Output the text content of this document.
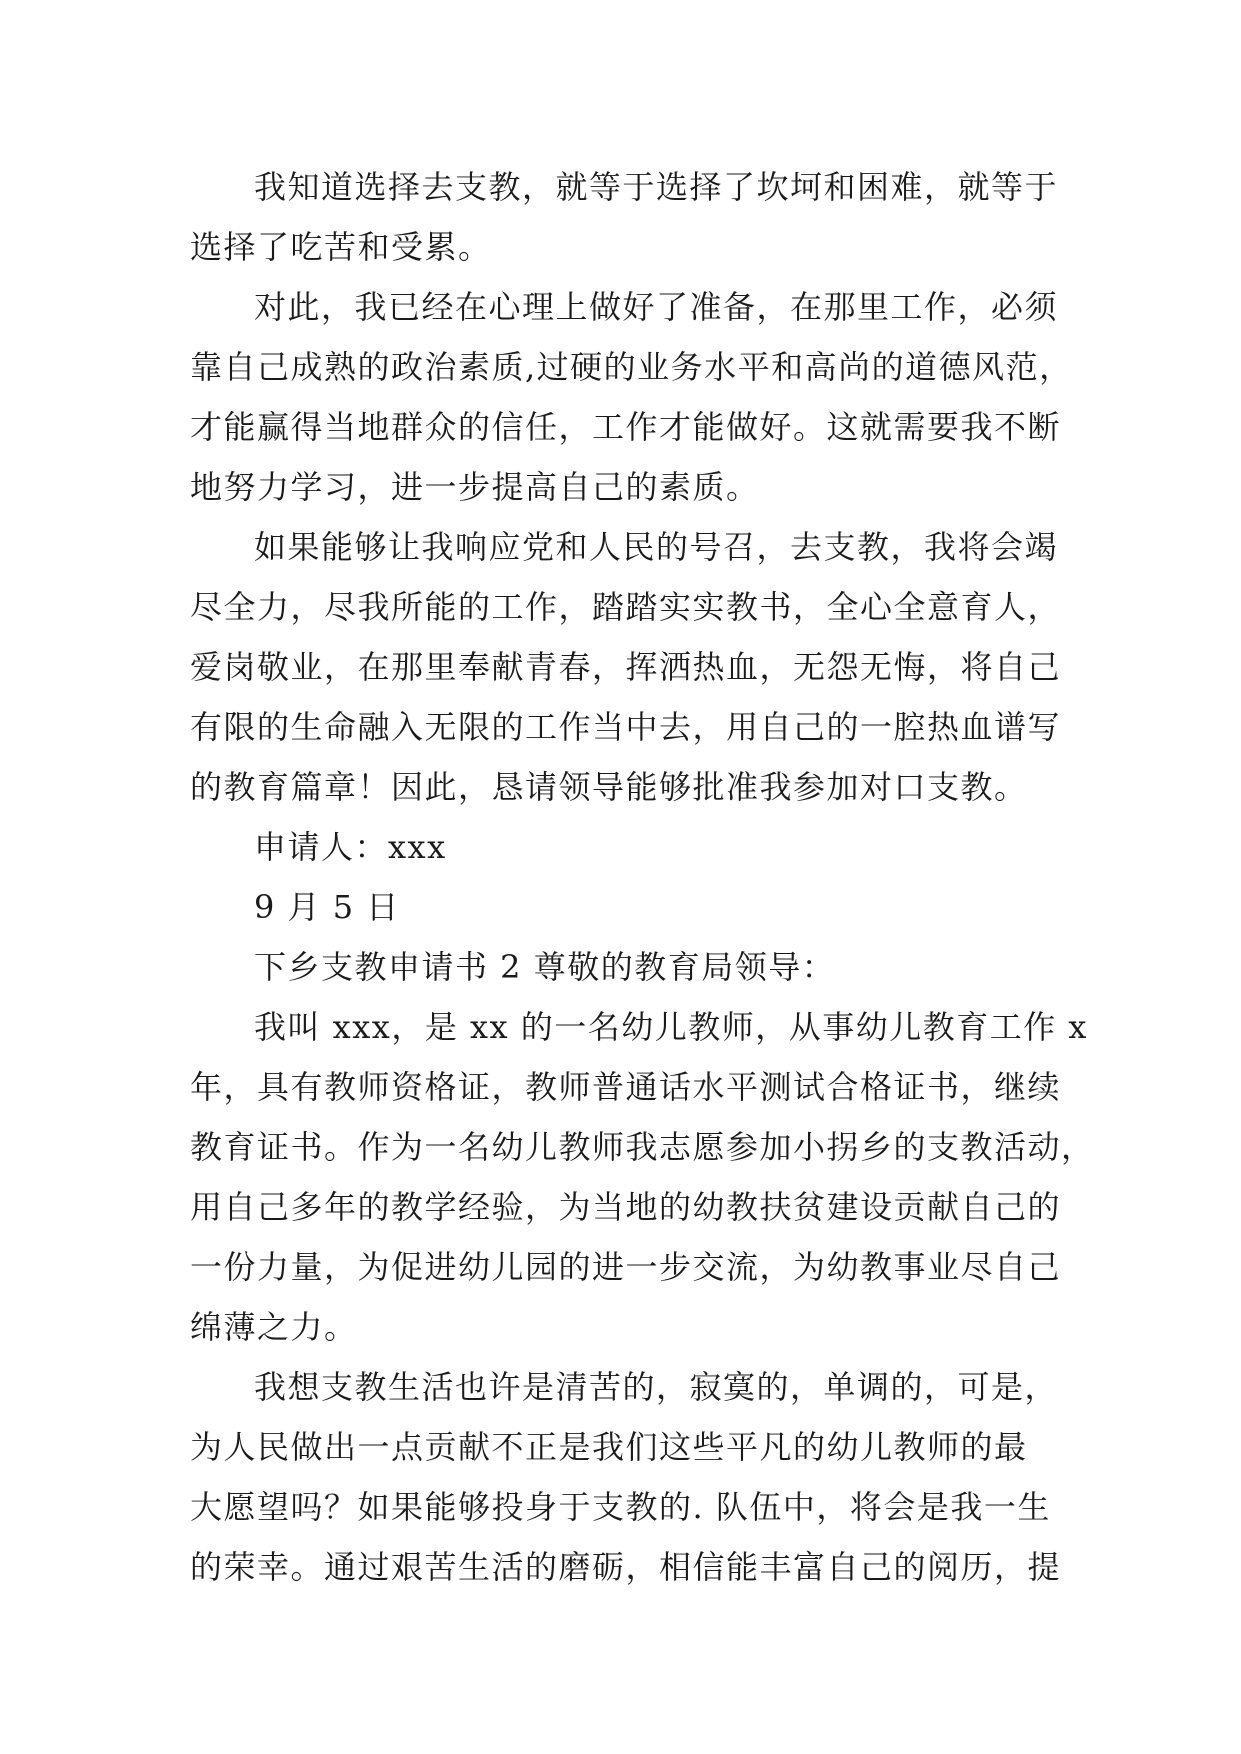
我知道选择去支教，就等于选择了坎坷和困难，就等于
选择了吃苦和受累。
对此，我已经在心理上做好了准备，在那里工作，必须
靠自己成熟的政治素质,过硬的业务水平和高尚的道德风范，
才能赢得当地群众的信任，工作才能做好。这就需要我不断
地努力学习，进一步提高自己的素质。
如果能够让我响应党和人民的号召，去支教，我将会竭
尽全力，尽我所能的工作，踏踏实实教书，全心全意育人，
爱岗敬业，在那里奉献青春，挥洒热血，无怨无悔，将自己
有限的生命融入无限的工作当中去，用自己的一腔热血谱写
的教育篇章！因此，恳请领导能够批准我参加对口支教。
申请人：xxx
9 月 5 日
下乡支教申请书 2 尊敬的教育局领导：
我叫 xxx，是 xx 的一名幼儿教师，从事幼儿教育工作 x
年，具有教师资格证，教师普通话水平测试合格证书，继续
教育证书。作为一名幼儿教师我志愿参加小拐乡的支教活动，
用自己多年的教学经验，为当地的幼教扶贫建设贡献自己的
一份力量，为促进幼儿园的进一步交流，为幼教事业尽自己
绵薄之力。
我想支教生活也许是清苦的，寂寞的，单调的，可是，
为人民做出一点贡献不正是我们这些平凡的幼儿教师的最
大愿望吗？如果能够投身于支教的. 队伍中，将会是我一生
的荣幸。通过艰苦生活的磨砺，相信能丰富自己的阅历，提
